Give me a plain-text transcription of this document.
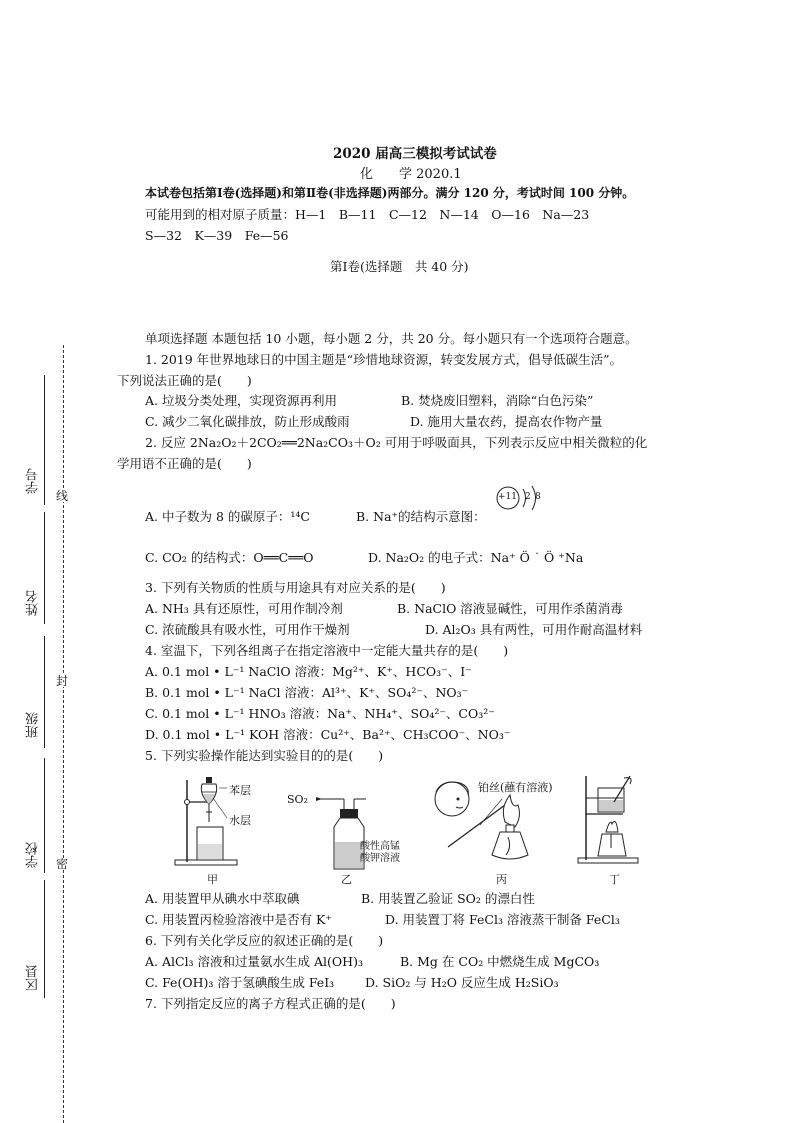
线
封
密
学号
姓名
班级
学校
区县
2020 届高三模拟考试试卷
化　　学 2020.1
本试卷包括第Ⅰ卷(选择题)和第Ⅱ卷(非选择题)两部分。满分 120 分，考试时间 100 分钟。
可能用到的相对原子质量：H—1　B—11　C—12　N—14　O—16　Na—23
S—32　K—39　Fe—56
第Ⅰ卷(选择题　共 40 分)
单项选择题 本题包括 10 小题，每小题 2 分，共 20 分。每小题只有一个选项符合题意。
1. 2019 年世界地球日的中国主题是“珍惜地球资源，转变发展方式，倡导低碳生活”。
下列说法正确的是(　　)
A. 垃圾分类处理，实现资源再利用	B. 焚烧废旧塑料，消除“白色污染”
C. 减少二氧化碳排放，防止形成酸雨	D. 施用大量农药，提高农作物产量
2. 反应 2Na₂O₂＋2CO₂══2Na₂CO₃＋O₂ 可用于呼吸面具，下列表示反应中相关微粒的化
学用语不正确的是(　　)
A. 中子数为 8 的碳原子：¹⁴C	B. Na⁺的结构示意图：
+11 2 8
C. CO₂ 的结构式：O══C══O	D. Na₂O₂ 的电子式：Na⁺ Ö ˙ Ö ⁺Na
3. 下列有关物质的性质与用途具有对应关系的是(　　)
A. NH₃ 具有还原性，可用作制冷剂	B. NaClO 溶液显碱性，可用作杀菌消毒
C. 浓硫酸具有吸水性，可用作干燥剂	D. Al₂O₃ 具有两性，可用作耐高温材料
4. 室温下，下列各组离子在指定溶液中一定能大量共存的是(　　)
A. 0.1 mol • L⁻¹ NaClO 溶液：Mg²⁺、K⁺、HCO₃⁻、I⁻
B. 0.1 mol • L⁻¹ NaCl 溶液：Al³⁺、K⁺、SO₄²⁻、NO₃⁻
C. 0.1 mol • L⁻¹ HNO₃ 溶液：Na⁺、NH₄⁺、SO₄²⁻、CO₃²⁻
D. 0.1 mol • L⁻¹ KOH 溶液：Cu²⁺、Ba²⁺、CH₃COO⁻、NO₃⁻
5. 下列实验操作能达到实验目的的是(　　)
苯层
水层
甲
SO₂
酸性高锰
酸钾溶液
乙
铂丝(蘸有溶液)
丙	丁
A. 用装置甲从碘水中萃取碘	B. 用装置乙验证 SO₂ 的漂白性
C. 用装置丙检验溶液中是否有 K⁺	D. 用装置丁将 FeCl₃ 溶液蒸干制备 FeCl₃
6. 下列有关化学反应的叙述正确的是(　　)
A. AlCl₃ 溶液和过量氨水生成 Al(OH)₃	B. Mg 在 CO₂ 中燃烧生成 MgCO₃
C. Fe(OH)₃ 溶于氢碘酸生成 FeI₃ D. SiO₂ 与 H₂O 反应生成 H₂SiO₃
7. 下列指定反应的离子方程式正确的是(　　)
